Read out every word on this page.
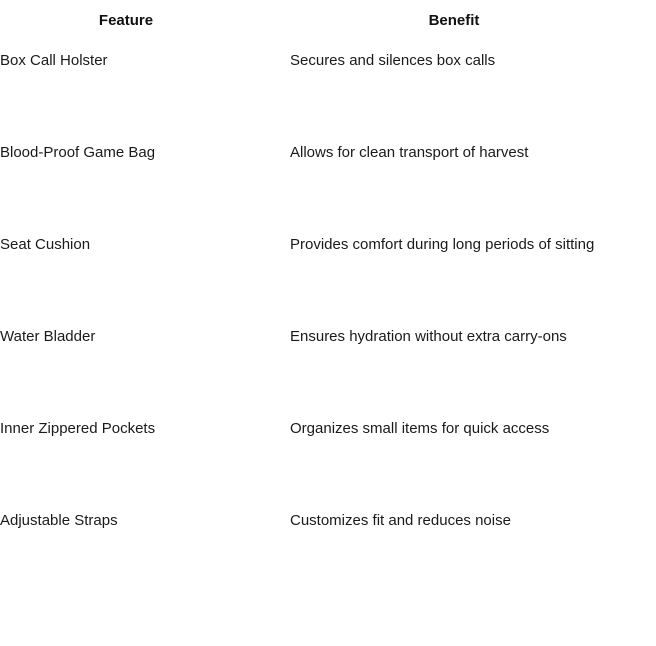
Feature	Benefit
Box Call Holster	Secures and silences box calls

Blood-Proof Game Bag	Allows for clean transport of harvest

Seat Cushion	Provides comfort during long periods of sitting

Water Bladder	Ensures hydration without extra carry-ons

Inner Zippered Pockets	Organizes small items for quick access

Adjustable Straps	Customizes fit and reduces noise
